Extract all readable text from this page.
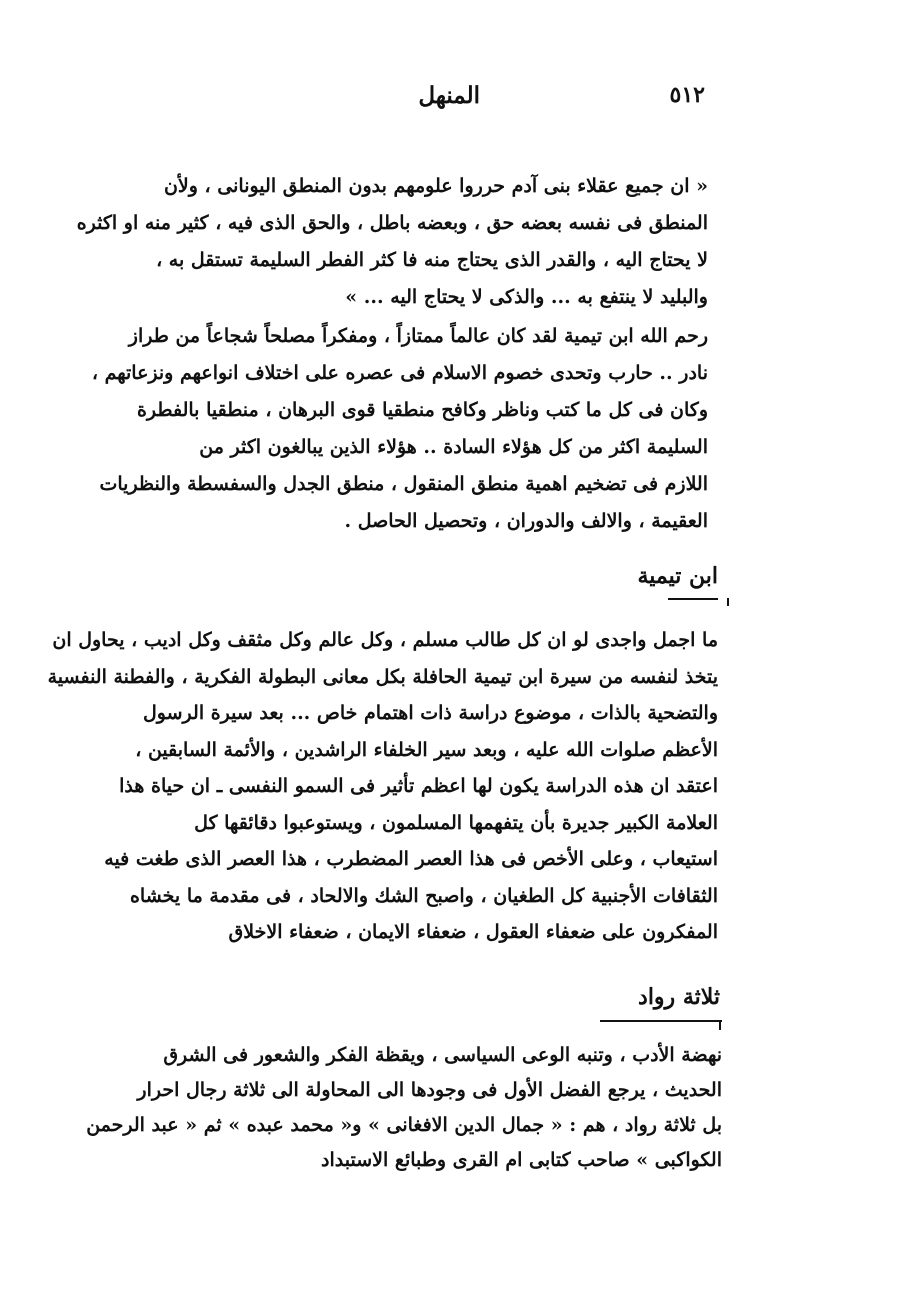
٥١٢
المنهل
« ان جميع عقلاء بنى آدم حرروا علومهم بدون المنطق اليونانى ، ولأن
المنطق فى نفسه بعضه حق ، وبعضه باطل ، والحق الذى فيه ، كثير منه او اكثره
لا يحتاج اليه ، والقدر الذى يحتاج منه فا كثر الفطر السليمة تستقل به ،
والبليد لا ينتفع به ... والذكى لا يحتاج اليه ... »
رحم الله ابن تيمية لقد كان عالماً ممتازاً ، ومفكراً مصلحاً شجاعاً من طراز
نادر .. حارب وتحدى خصوم الاسلام فى عصره على اختلاف انواعهم ونزعاتهم ،
وكان فى كل ما كتب وناظر وكافح منطقيا قوى البرهان ، منطقيا بالفطرة
السليمة اكثر من كل هؤلاء السادة .. هؤلاء الذين يبالغون اكثر من
اللازم فى تضخيم اهمية منطق المنقول ، منطق الجدل والسفسطة والنظريات
العقيمة ، والالف والدوران ، وتحصيل الحاصل .
ابن تيمية
ما اجمل واجدى لو ان كل طالب مسلم ، وكل عالم وكل مثقف وكل اديب ، يحاول ان
يتخذ لنفسه من سيرة ابن تيمية الحافلة بكل معانى البطولة الفكرية ، والفطنة النفسية
والتضحية بالذات ، موضوع دراسة ذات اهتمام خاص ... بعد سيرة الرسول
الأعظم صلوات الله عليه ، وبعد سير الخلفاء الراشدين ، والأئمة السابقين ،
اعتقد ان هذه الدراسة يكون لها اعظم تأثير فى السمو النفسى ـ ان حياة هذا
العلامة الكبير جديرة بأن يتفهمها المسلمون ، ويستوعبوا دقائقها كل
استيعاب ، وعلى الأخص فى هذا العصر المضطرب ، هذا العصر الذى طغت فيه
الثقافات الأجنبية كل الطغيان ، واصبح الشك والالحاد ، فى مقدمة ما يخشاه
المفكرون على ضعفاء العقول ، ضعفاء الايمان ، ضعفاء الاخلاق
ثلاثة رواد
نهضة الأدب ، وتنبه الوعى السياسى ، ويقظة الفكر والشعور فى الشرق
الحديث ، يرجع الفضل الأول فى وجودها الى المحاولة الى ثلاثة رجال احرار
بل ثلاثة رواد ، هم : « جمال الدين الافغانى » و« محمد عبده » ثم « عبد الرحمن
الكواكبى » صاحب كتابى ام القرى وطبائع الاستبداد
